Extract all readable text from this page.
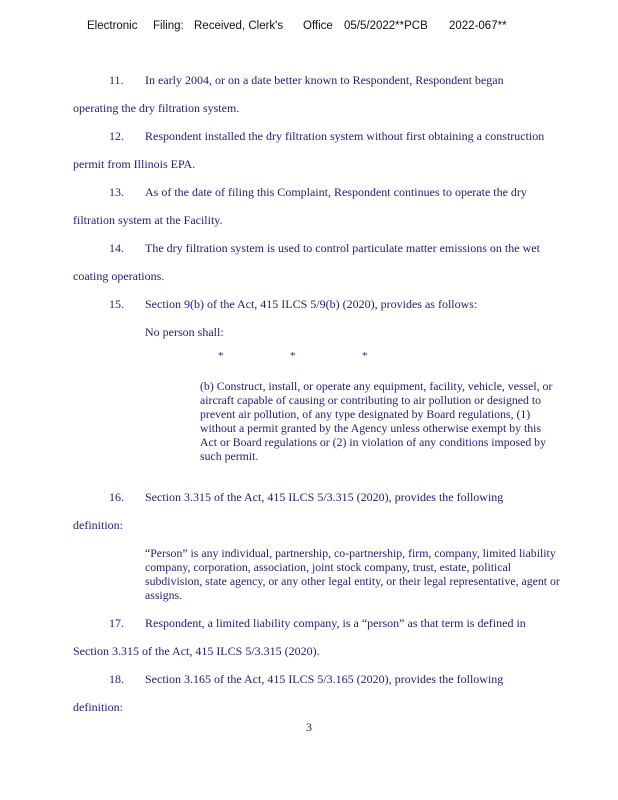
Electronic Filing: Received, Clerk's Office 05/5/2022**PCB 2022-067**
11. In early 2004, or on a date better known to Respondent, Respondent began
operating the dry filtration system.
12. Respondent installed the dry filtration system without first obtaining a construction
permit from Illinois EPA.
13. As of the date of filing this Complaint, Respondent continues to operate the dry
filtration system at the Facility.
14. The dry filtration system is used to control particulate matter emissions on the wet
coating operations.
15. Section 9(b) of the Act, 415 ILCS 5/9(b) (2020), provides as follows:
No person shall:
*	*	*

(b) Construct, install, or operate any equipment, facility, vehicle, vessel, or aircraft capable of causing or contributing to air pollution or designed to prevent air pollution, of any type designated by Board regulations, (1) without a permit granted by the Agency unless otherwise exempt by this Act or Board regulations or (2) in violation of any conditions imposed by such permit.

16. Section 3.315 of the Act, 415 ILCS 5/3.315 (2020), provides the following
definition:

“Person” is any individual, partnership, co-partnership, firm, company, limited liability company, corporation, association, joint stock company, trust, estate, political subdivision, state agency, or any other legal entity, or their legal representative, agent or assigns.

17. Respondent, a limited liability company, is a “person” as that term is defined in
Section 3.315 of the Act, 415 ILCS 5/3.315 (2020).
18. Section 3.165 of the Act, 415 ILCS 5/3.165 (2020), provides the following
definition:
3
